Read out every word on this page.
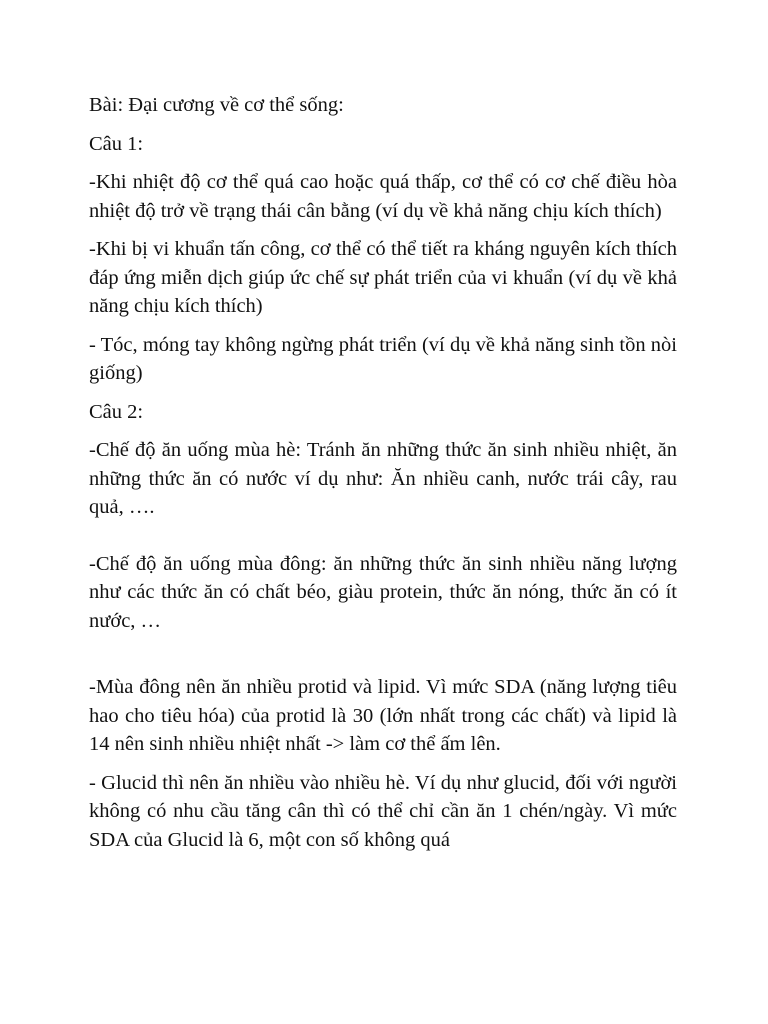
Bài: Đại cương về cơ thể sống:

Câu 1:

-Khi nhiệt độ cơ thể quá cao hoặc quá thấp, cơ thể có cơ chế điều hòa nhiệt độ trở về trạng thái cân bằng (ví dụ về khả năng chịu kích thích)

-Khi bị vi khuẩn tấn công, cơ thể có thể tiết ra kháng nguyên kích thích đáp ứng miễn dịch giúp ức chế sự phát triển của vi khuẩn (ví dụ về khả năng chịu kích thích)

- Tóc, móng tay không ngừng phát triển (ví dụ về khả năng sinh tồn nòi giống)

Câu 2:

-Chế độ ăn uống mùa hè: Tránh ăn những thức ăn sinh nhiều nhiệt, ăn những thức ăn có nước ví dụ như: Ăn nhiều canh, nước trái cây, rau quả, ….

-Chế độ ăn uống mùa đông: ăn những thức ăn sinh nhiều năng lượng như các thức ăn có chất béo, giàu protein, thức ăn nóng, thức ăn có ít nước, …

-Mùa đông nên ăn nhiều protid và lipid. Vì mức SDA (năng lượng tiêu hao cho tiêu hóa) của protid là 30 (lớn nhất trong các chất) và lipid là 14 nên sinh nhiều nhiệt nhất -> làm cơ thể ấm lên.

- Glucid thì nên ăn nhiều vào nhiều hè. Ví dụ như glucid, đối với người không có nhu cầu tăng cân thì có thể chỉ cần ăn 1 chén/ngày. Vì mức SDA của Glucid là 6, một con số không quá
